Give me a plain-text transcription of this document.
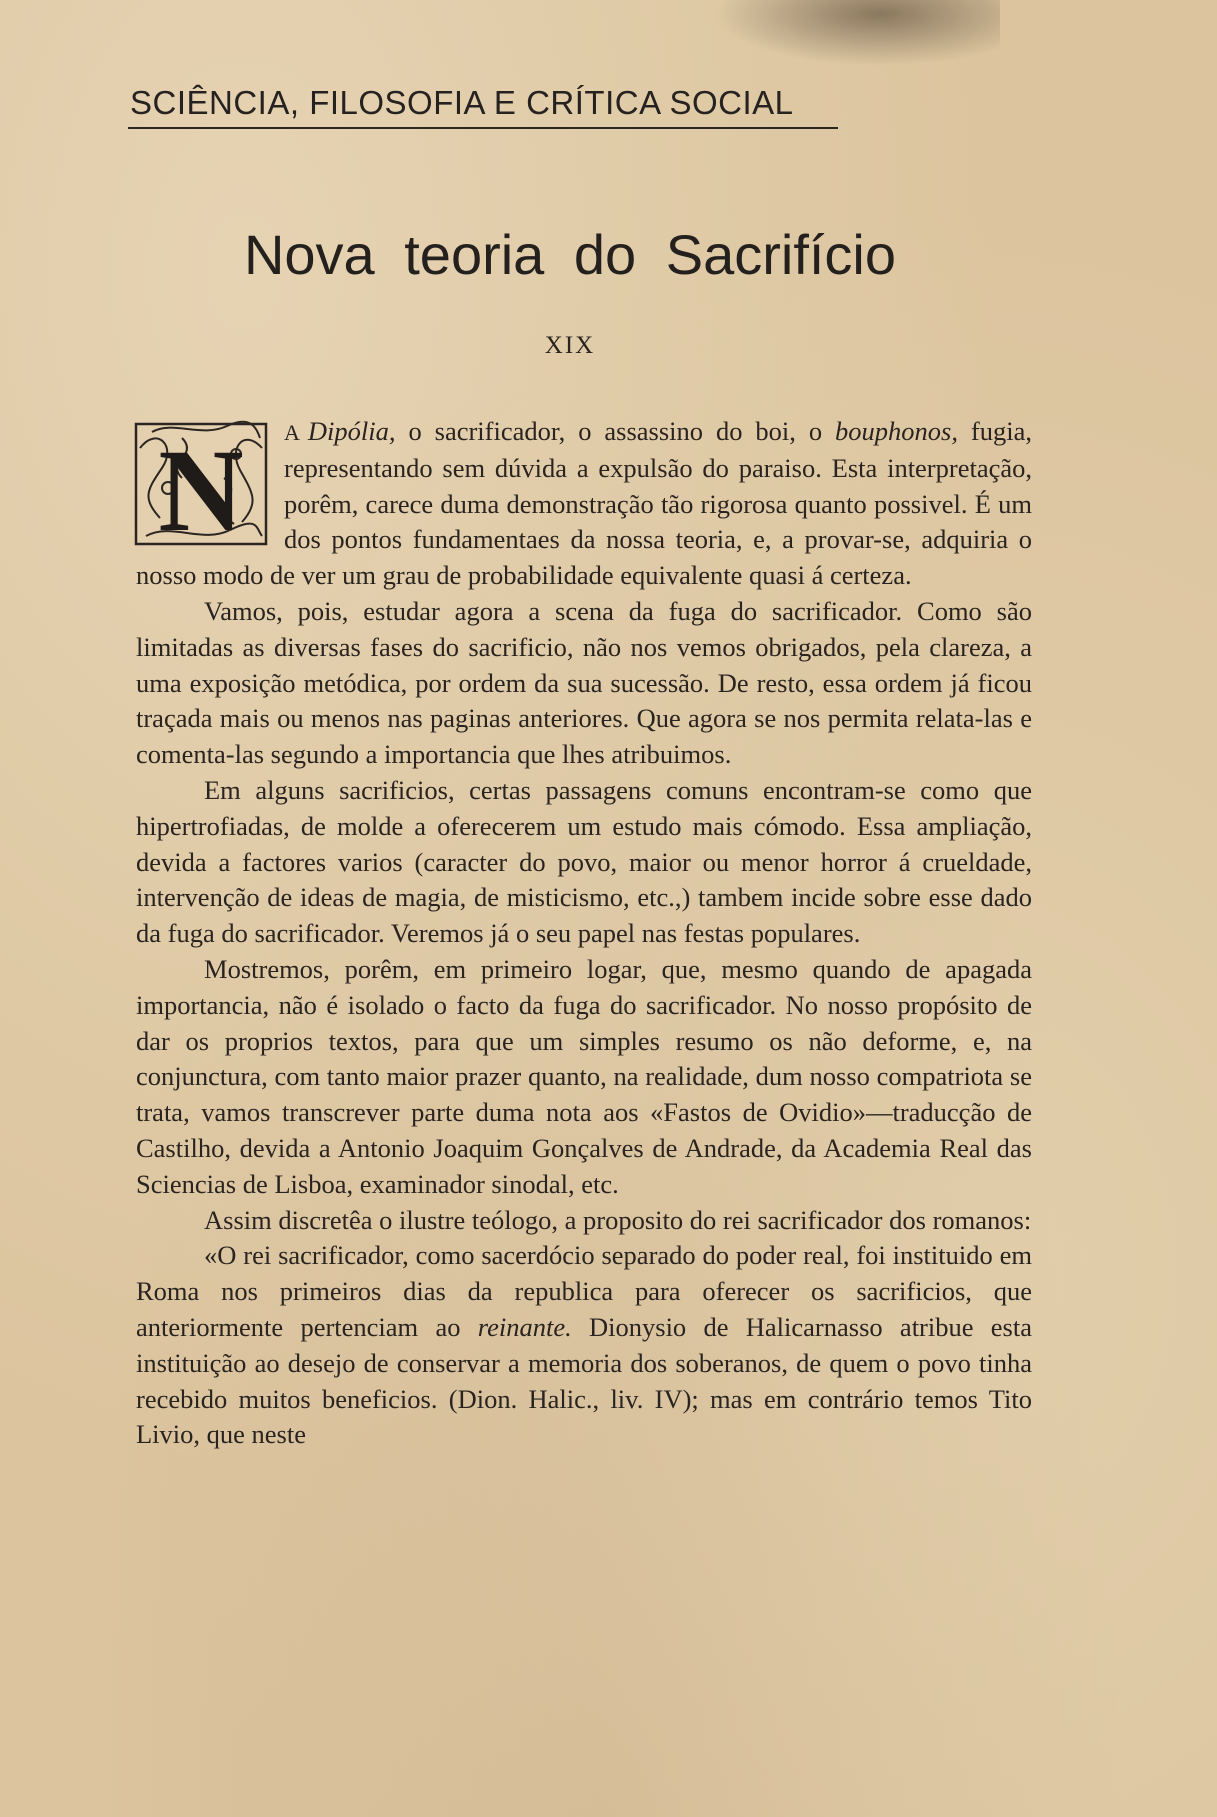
SCIÊNCIA, FILOSOFIA E CRÍTICA SOCIAL
Nova teoria do Sacrifício
XIX

N A Dipólia, o sacrificador, o assassino do boi, o bouphonos, fugia, representando sem dúvida a expulsão do paraiso. Esta interpretação, porêm, carece duma demonstração tão rigorosa quanto possivel. É um dos pontos fundamentaes da nossa teoria, e, a provar-se, adquiria o nosso modo de ver um grau de probabilidade equivalente quasi á certeza.

Vamos, pois, estudar agora a scena da fuga do sacrificador. Como são limitadas as diversas fases do sacrificio, não nos vemos obrigados, pela clareza, a uma exposição metódica, por ordem da sua sucessão. De resto, essa ordem já ficou traçada mais ou menos nas paginas anteriores. Que agora se nos permita relata-las e comenta-las segundo a importancia que lhes atribuimos.

Em alguns sacrificios, certas passagens comuns encontram-se como que hipertrofiadas, de molde a oferecerem um estudo mais cómodo. Essa ampliação, devida a factores varios (caracter do povo, maior ou menor horror á crueldade, intervenção de ideas de magia, de misticismo, etc.,) tambem incide sobre esse dado da fuga do sacrificador. Veremos já o seu papel nas festas populares.

Mostremos, porêm, em primeiro logar, que, mesmo quando de apagada importancia, não é isolado o facto da fuga do sacrificador. No nosso propósito de dar os proprios textos, para que um simples resumo os não deforme, e, na conjunctura, com tanto maior prazer quanto, na realidade, dum nosso compatriota se trata, vamos transcrever parte duma nota aos «Fastos de Ovidio»—traducção de Castilho, devida a Antonio Joaquim Gonçalves de Andrade, da Academia Real das Sciencias de Lisboa, examinador sinodal, etc.

Assim discretêa o ilustre teólogo, a proposito do rei sacrificador dos romanos:

«O rei sacrificador, como sacerdócio separado do poder real, foi instituido em Roma nos primeiros dias da republica para oferecer os sacrificios, que anteriormente pertenciam ao reinante. Dionysio de Halicarnasso atribue esta instituição ao desejo de conservar a memoria dos soberanos, de quem o povo tinha recebido muitos beneficios. (Dion. Halic., liv. IV); mas em contrário temos Tito Livio, que neste
